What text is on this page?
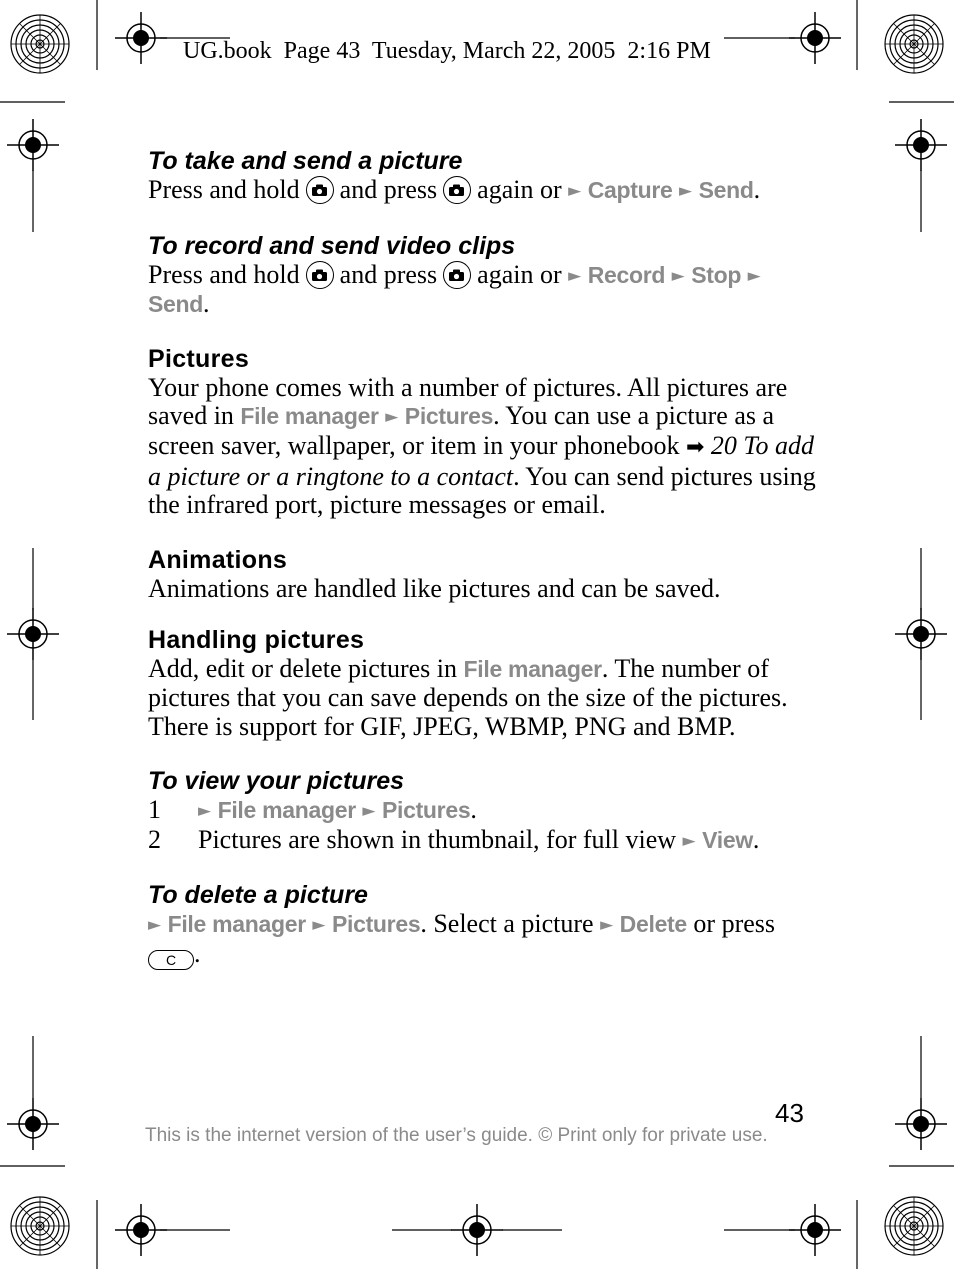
UG.book  Page 43  Tuesday, March 22, 2005  2:16 PM

To take and send a picture

Press and hold and press again or ► Capture ► Send.

To record and send video clips

Press and hold and press again or ► Record ► Stop ► Send.

Pictures

Your phone comes with a number of pictures. All pictures are saved in File manager ► Pictures. You can use a picture as a screen saver, wallpaper, or item in your phonebook ➡ 20 To add a picture or a ringtone to a contact. You can send pictures using the infrared port, picture messages or email.

Animations

Animations are handled like pictures and can be saved.

Handling pictures

Add, edit or delete pictures in File manager. The number of pictures that you can save depends on the size of the pictures. There is support for GIF, JPEG, WBMP, PNG and BMP.

To view your pictures

1	► File manager ► Pictures.
2	Pictures are shown in thumbnail, for full view ► View.

To delete a picture

► File manager ► Pictures. Select a picture ► Delete or press
C .

43
This is the internet version of the user’s guide. © Print only for private use.
